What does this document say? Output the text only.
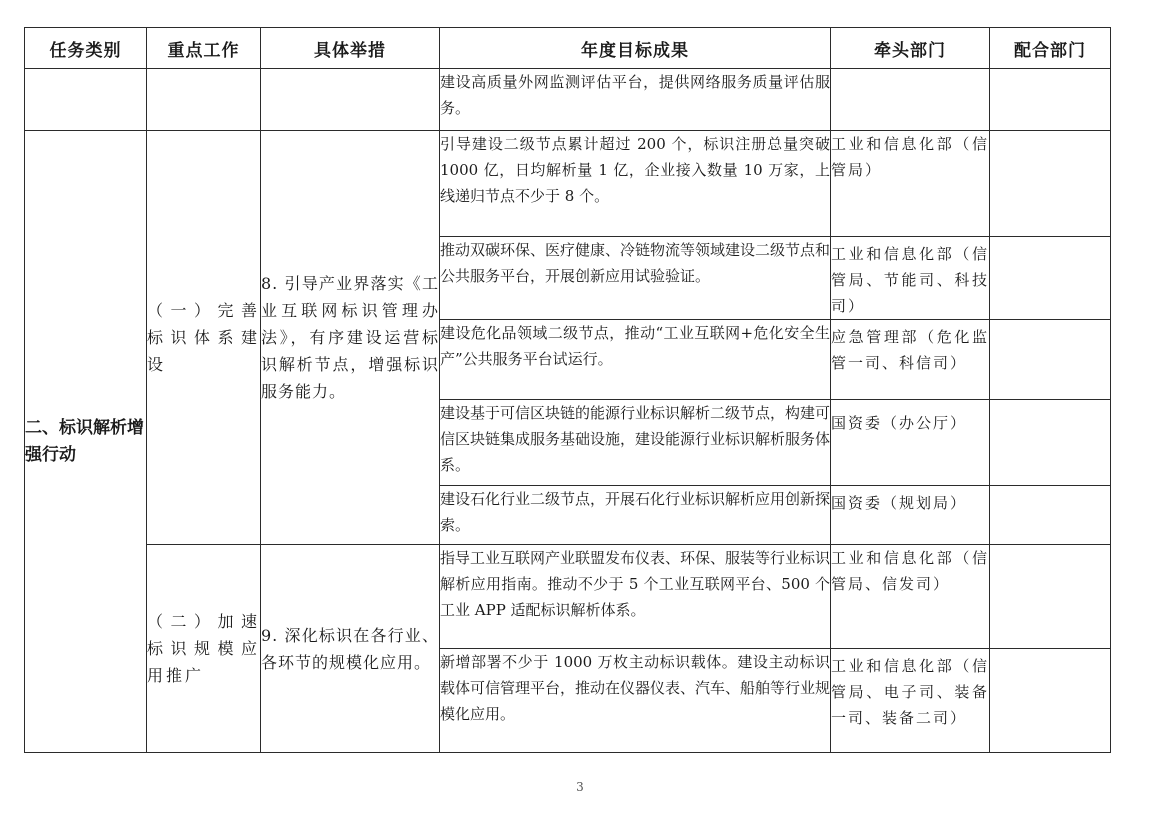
任务类别	重点工作	具体举措	年度目标成果	牵头部门	配合部门
			建设高质量外网监测评估平台，提供网络服务质量评估服务。		
二、标识解析增强行动	（一）完善标识体系建设	8. 引导产业界落实《工业互联网标识管理办法》，有序建设运营标识解析节点，增强标识服务能力。	引导建设二级节点累计超过 200 个，标识注册总量突破 1000 亿，日均解析量 1 亿，企业接入数量 10 万家，上线递归节点不少于 8 个。	工业和信息化部（信管局）	
			推动双碳环保、医疗健康、冷链物流等领域建设二级节点和公共服务平台，开展创新应用试验验证。	工业和信息化部（信管局、节能司、科技司）	
			建设危化品领域二级节点，推动“工业互联网+危化安全生产”公共服务平台试运行。	应急管理部（危化监管一司、科信司）	
			建设基于可信区块链的能源行业标识解析二级节点，构建可信区块链集成服务基础设施，建设能源行业标识解析服务体系。	国资委（办公厅）	
			建设石化行业二级节点，开展石化行业标识解析应用创新探索。	国资委（规划局）	
	（二）加速标识规模应用推广	9. 深化标识在各行业、各环节的规模化应用。	指导工业互联网产业联盟发布仪表、环保、服装等行业标识解析应用指南。推动不少于 5 个工业互联网平台、500 个工业 APP 适配标识解析体系。	工业和信息化部（信管局、信发司）	
			新增部署不少于 1000 万枚主动标识载体。建设主动标识载体可信管理平台，推动在仪器仪表、汽车、船舶等行业规模化应用。	工业和信息化部（信管局、电子司、装备一司、装备二司）	
3
